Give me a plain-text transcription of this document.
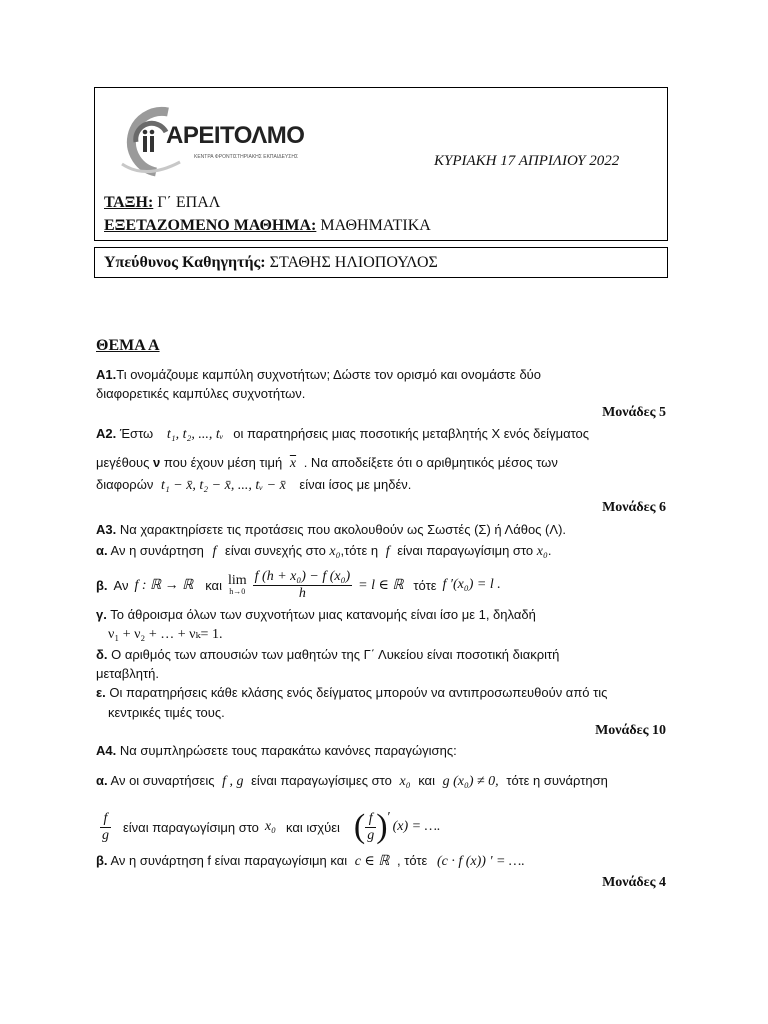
ΑΡΕΙΤΟΛΜΟ
ΚΕΝΤΡΑ ΦΡΟΝΤΙΣΤΗΡΙΑΚΗΣ ΕΚΠΑΙΔΕΥΣΗΣ	ΚΥΡΙΑΚΗ 17 ΑΠΡΙΛΙΟΥ 2022
ΤΑΞΗ: Γ΄ ΕΠΑΛ
ΕΞΕΤΑΖΟΜΕΝΟ ΜΑΘΗΜΑ: ΜΑΘΗΜΑΤΙΚΑ
Υπεύθυνος Καθηγητής: ΣΤΑΘΗΣ ΗΛΙΟΠΟΥΛΟΣ
ΘΕΜΑ Α
Α1.Τι ονομάζουμε καμπύλη συχνοτήτων; Δώστε τον ορισμό και ονομάστε δύο
διαφορετικές καμπύλες συχνοτήτων.
Μονάδες 5
Α2. Έστω t₁, t₂, ..., tᵥ οι παρατηρήσεις μιας ποσοτικής μεταβλητής Χ ενός δείγματος
μεγέθους ν που έχουν μέση τιμή $\overline{x}$ . Να αποδείξετε ότι ο αριθμητικός μέσος των
διαφορών t₁ − x̄, t₂ − x̄, ..., tᵥ − x̄ είναι ίσος με μηδέν.
Μονάδες 6
Α3. Να χαρακτηρίσετε τις προτάσεις που ακολουθούν ως Σωστές (Σ) ή Λάθος (Λ).
α. Αν η συνάρτηση f είναι συνεχής στο x₀,τότε η f είναι παραγωγίσιμη στο x₀.
β. Αν f : ℝ → ℝ και lim
$h\to 0 \frac{\text{f (h + x₀) − f (x₀)}}{h} = l$ ∈ ℝ τότε f ′(x₀) = l .
γ. Το άθροισμα όλων των συχνοτήτων μιας κατανομής είναι ίσο με 1, δηλαδή
ν₁ + ν₂ + … + νₖ= 1.
δ. Ο αριθμός των απουσιών των μαθητών της Γ΄ Λυκείου είναι ποσοτική διακριτή
μεταβλητή.
ε. Οι παρατηρήσεις κάθε κλάσης ενός δείγματος μπορούν να αντιπροσωπευθούν από τις
κεντρικές τιμές τους.
Μονάδες 10
Α4. Να συμπληρώσετε τους παρακάτω κανόνες παραγώγισης:
α. Αν οι συναρτήσεις f , g είναι παραγωγίσιμες στο x₀ και g (x₀) ≠ 0, τότε η συνάρτηση
$\frac{f}{g}$ είναι παραγωγίσιμη στο x₀ και ισχύει ( $\frac{f}{g}$ ) ′
(x) = ….
β. Αν η συνάρτηση f είναι παραγωγίσιμη και c ∈ ℝ , τότε (c · f (x)) ' = ….
Μονάδες 4
